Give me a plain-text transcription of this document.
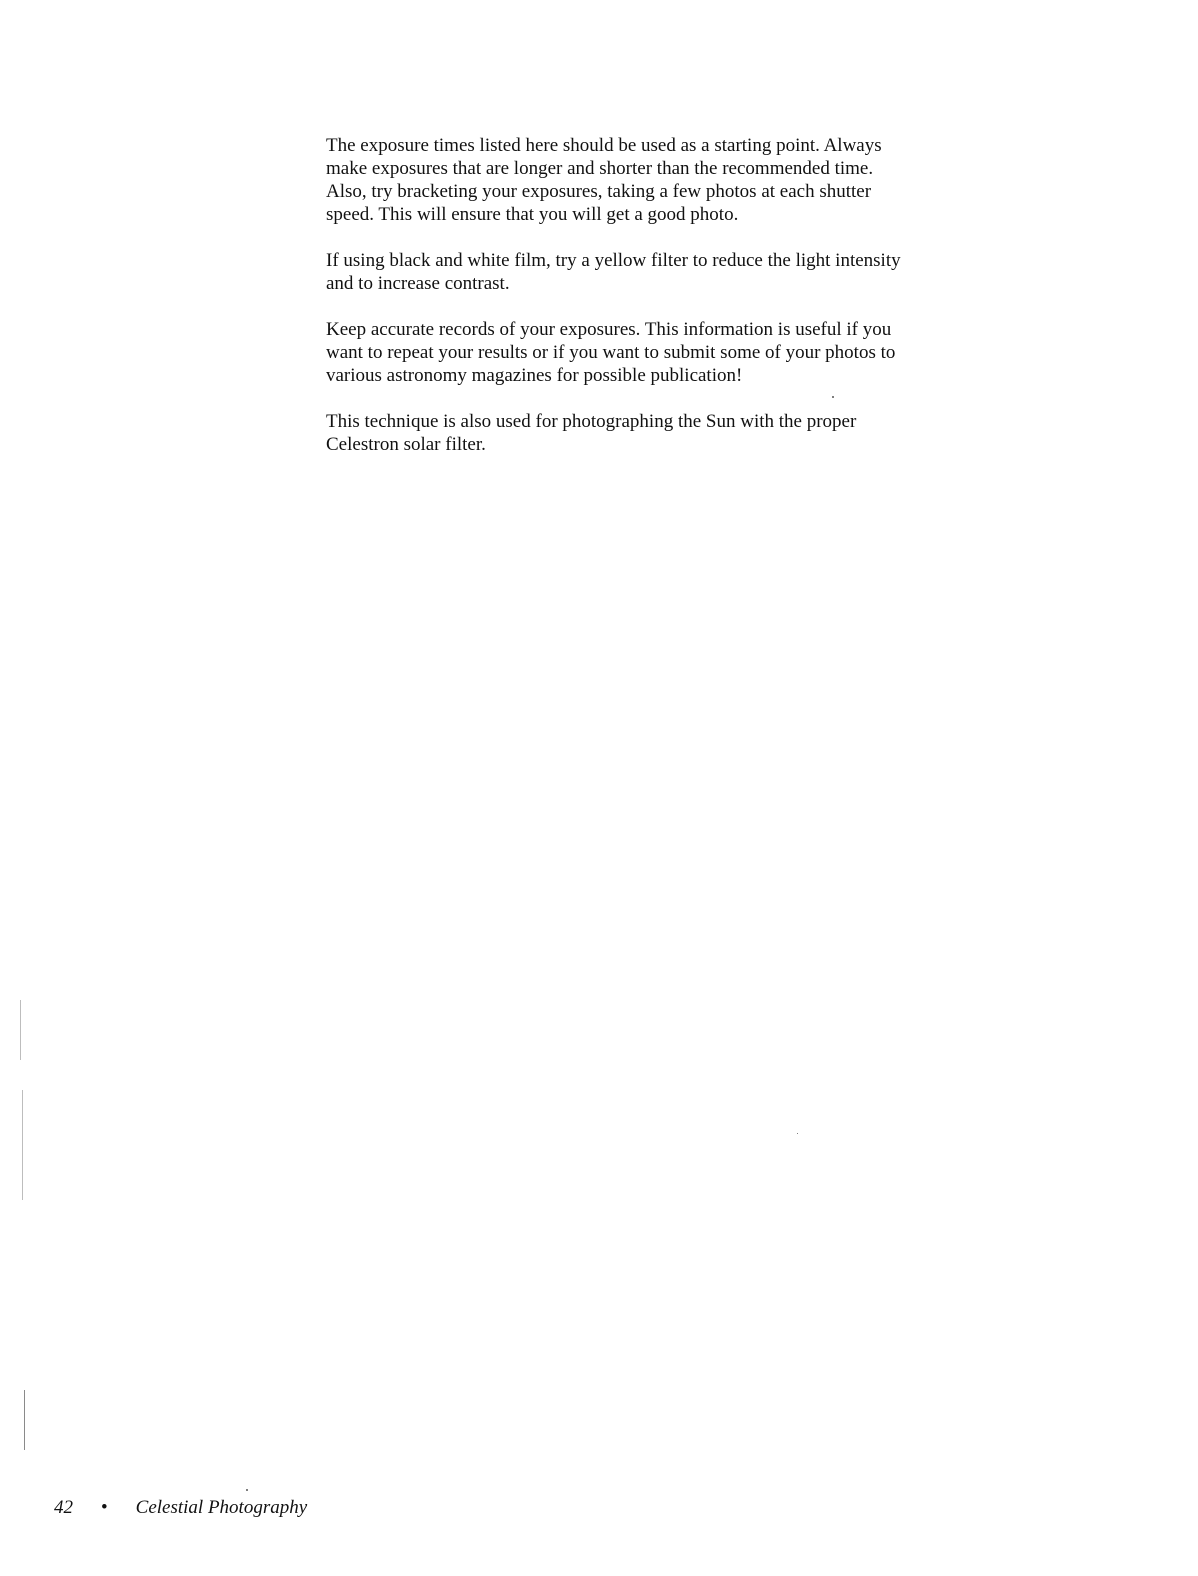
The exposure times listed here should be used as a starting point. Always
make exposures that are longer and shorter than the recommended time.
Also, try bracketing your exposures, taking a few photos at each shutter
speed. This will ensure that you will get a good photo.

If using black and white film, try a yellow filter to reduce the light intensity
and to increase contrast.

Keep accurate records of your exposures. This information is useful if you
want to repeat your results or if you want to submit some of your photos to
various astronomy magazines for possible publication!

This technique is also used for photographing the Sun with the proper
Celestron solar filter.

42 • Celestial Photography
